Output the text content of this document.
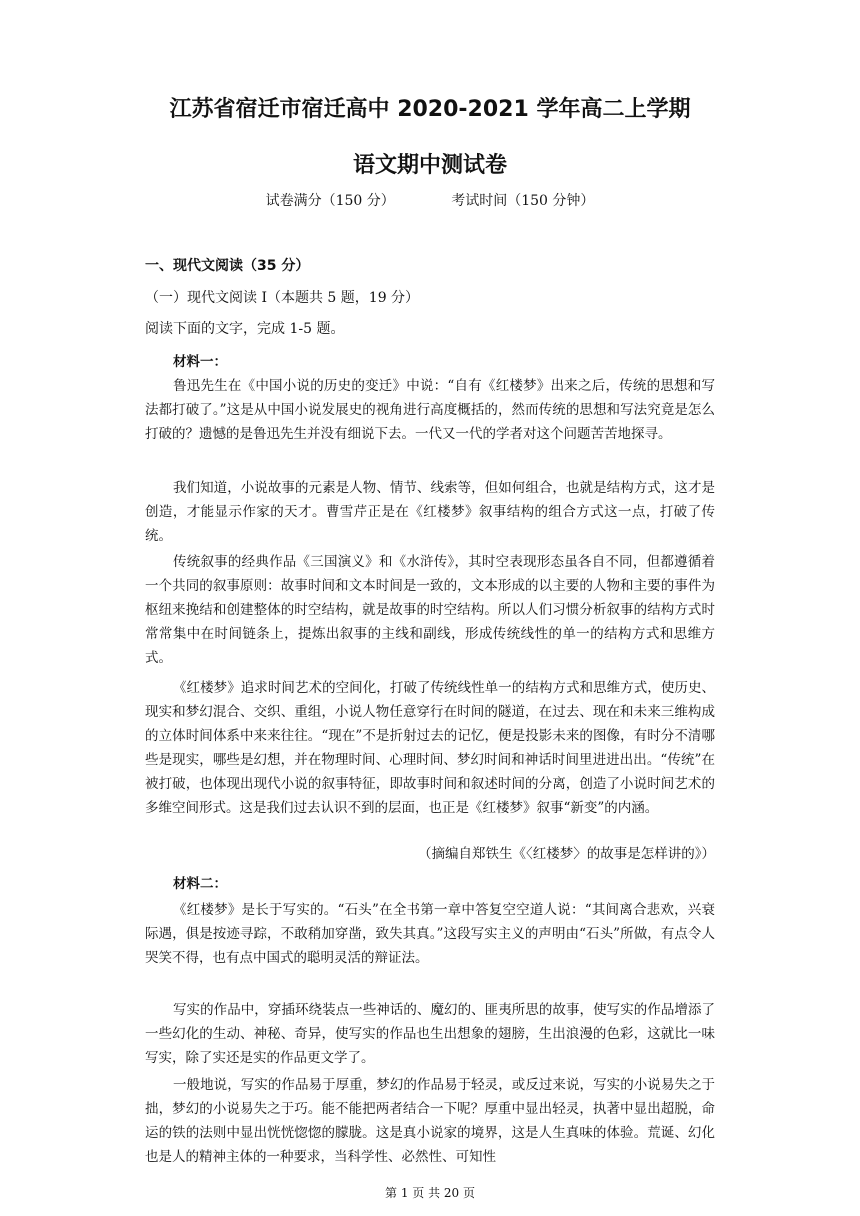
江苏省宿迁市宿迁高中 2020-2021 学年高二上学期
语文期中测试卷
试卷满分（150 分）	考试时间（150 分钟）
一、现代文阅读（35 分）
（一）现代文阅读 I（本题共 5 题，19 分）
阅读下面的文字，完成 1-5 题。
材料一：
鲁迅先生在《中国小说的历史的变迁》中说：“自有《红楼梦》出来之后，传统的思想和写法都打破了。”这是从中国小说发展史的视角进行高度概括的，然而传统的思想和写法究竟是怎么打破的？遗憾的是鲁迅先生并没有细说下去。一代又一代的学者对这个问题苦苦地探寻。
我们知道，小说故事的元素是人物、情节、线索等，但如何组合，也就是结构方式，这才是创造，才能显示作家的天才。曹雪芹正是在《红楼梦》叙事结构的组合方式这一点，打破了传统。
传统叙事的经典作品《三国演义》和《水浒传》，其时空表现形态虽各自不同，但都遵循着一个共同的叙事原则：故事时间和文本时间是一致的，文本形成的以主要的人物和主要的事件为枢纽来挽结和创建整体的时空结构，就是故事的时空结构。所以人们习惯分析叙事的结构方式时常常集中在时间链条上，提炼出叙事的主线和副线，形成传统线性的单一的结构方式和思维方式。
《红楼梦》追求时间艺术的空间化，打破了传统线性单一的结构方式和思维方式，使历史、现实和梦幻混合、交织、重组，小说人物任意穿行在时间的隧道，在过去、现在和未来三维构成的立体时间体系中来来往往。“现在”不是折射过去的记忆，便是投影未来的图像，有时分不清哪些是现实，哪些是幻想，并在物理时间、心理时间、梦幻时间和神话时间里进进出出。“传统”在被打破，也体现出现代小说的叙事特征，即故事时间和叙述时间的分离，创造了小说时间艺术的多维空间形式。这是我们过去认识不到的层面，也正是《红楼梦》叙事“新变”的内涵。
（摘编自郑铁生《〈红楼梦〉的故事是怎样讲的》）
材料二：
《红楼梦》是长于写实的。“石头”在全书第一章中答复空空道人说：“其间离合悲欢，兴衰际遇，俱是按迹寻踪，不敢稍加穿凿，致失其真。”这段写实主义的声明由“石头”所做，有点令人哭笑不得，也有点中国式的聪明灵活的辩证法。
写实的作品中，穿插环绕装点一些神话的、魔幻的、匪夷所思的故事，使写实的作品增添了一些幻化的生动、神秘、奇异，使写实的作品也生出想象的翅膀，生出浪漫的色彩，这就比一味写实，除了实还是实的作品更文学了。
一般地说，写实的作品易于厚重，梦幻的作品易于轻灵，或反过来说，写实的小说易失之于拙，梦幻的小说易失之于巧。能不能把两者结合一下呢？厚重中显出轻灵，执著中显出超脱，命运的铁的法则中显出恍恍惚惚的朦胧。这是真小说家的境界，这是人生真味的体验。荒诞、幻化也是人的精神主体的一种要求，当科学性、必然性、可知性
第 1 页 共 20 页
